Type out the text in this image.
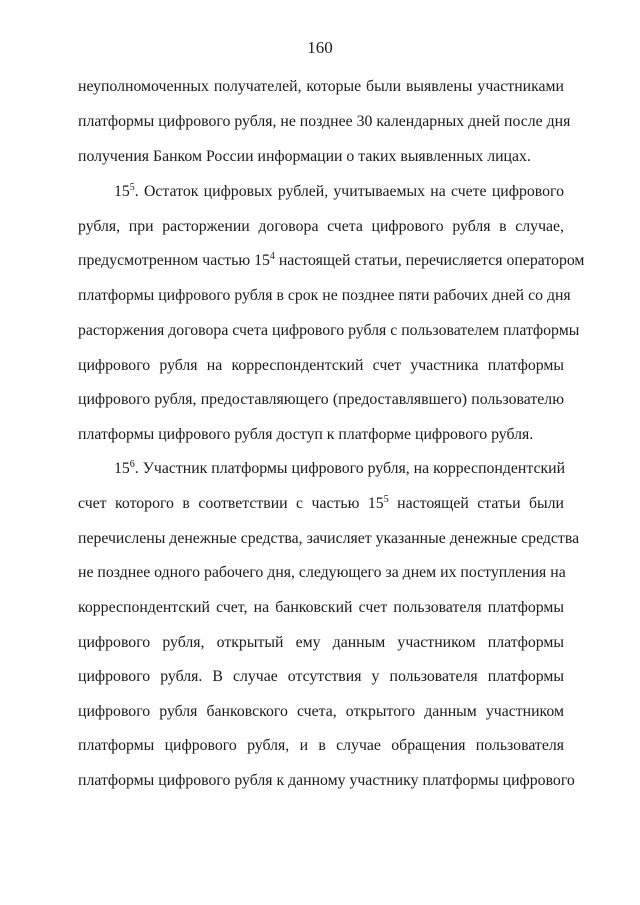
160
неуполномоченных получателей, которые были выявлены участниками
платформы цифрового рубля, не позднее 30 календарных дней после дня
получения Банком России информации о таких выявленных лицах.
$15^5$. Остаток цифровых рублей, учитываемых на счете цифрового
рубля, при расторжении договора счета цифрового рубля в случае,
предусмотренном частью $15^4$ настоящей статьи, перечисляется оператором
платформы цифрового рубля в срок не позднее пяти рабочих дней со дня
расторжения договора счета цифрового рубля с пользователем платформы
цифрового рубля на корреспондентский счет участника платформы
цифрового рубля, предоставляющего (предоставлявшего) пользователю
платформы цифрового рубля доступ к платформе цифрового рубля.
$15^6$. Участник платформы цифрового рубля, на корреспондентский
счет которого в соответствии с частью $15^5$ настоящей статьи были
перечислены денежные средства, зачисляет указанные денежные средства
не позднее одного рабочего дня, следующего за днем их поступления на
корреспондентский счет, на банковский счет пользователя платформы
цифрового рубля, открытый ему данным участником платформы
цифрового рубля. В случае отсутствия у пользователя платформы
цифрового рубля банковского счета, открытого данным участником
платформы цифрового рубля, и в случае обращения пользователя
платформы цифрового рубля к данному участнику платформы цифрового
